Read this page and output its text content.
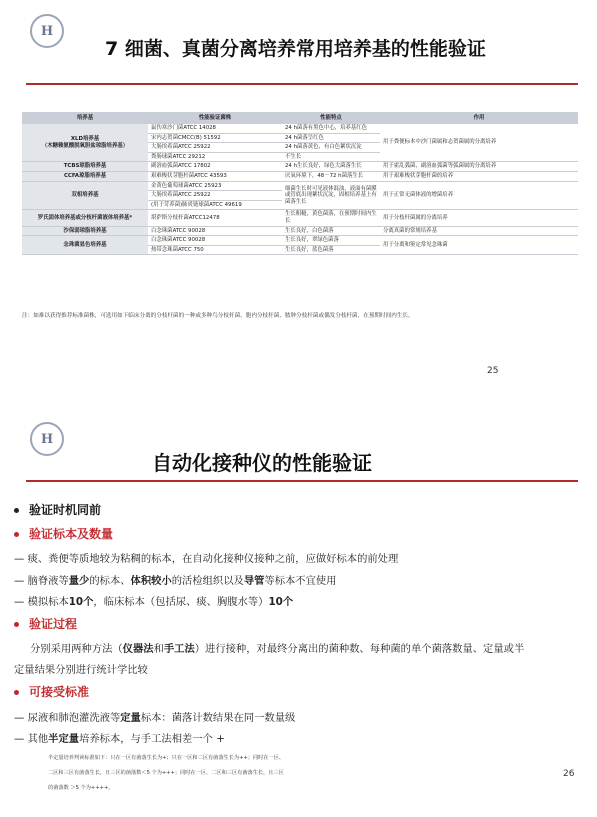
H
7 细菌、真菌分离培养常用培养基的性能验证
培养基	性能验证菌株	性能特点	作用
XLD培养基
（木糖赖氨酸脱氧胆盐琼脂培养基）	鼠伤寒沙门菌ATCC 14028	24 h菌落有黑色中心，培养基红色	用于粪便标本中沙门菌属和志贺菌属的分离培养
	宋内志贺菌CMCC(B) 51592	24 h菌落呈红色	
	大肠埃希菌ATCC 25922	24 h菌落黄色，有白色絮状沉淀	
	粪肠球菌ATCC 29212	不生长	
TCBS琼脂培养基	副溶血弧菌ATCC 17802	24 h生长良好，绿色大菌落生长	用于霍乱弧菌、副溶血弧菌等弧菌属的分离培养
CCFA琼脂培养基	艰难梭状芽胞杆菌ATCC 43593	厌氧环境下，48－72 h菌落生长	用于艰难梭状芽胞杆菌的培养
双相培养基	金黄色葡萄球菌ATCC 25923	细菌生长时可见液体混浊，液面有菌膜或管底出现絮状沉淀，固相培养基上有菌落生长	用于正常无菌体液的增菌培养
	大肠埃希菌ATCC 25922		
	(用于苛养菌)肺炎链球菌ATCC 49619		
罗氏固体培养基或分枝杆菌液体培养基*	堪萨斯分枝杆菌ATCC12478	生长粗糙，黄色菌落，在预期时间内生长	用于分枝杆菌属的分离培养
沙保弱琼脂培养基	白念珠菌ATCC 90028	生长良好，白色菌落	分离真菌的常规培养基
念珠菌显色培养基	白念珠菌ATCC 90028	生长良好，翠绿色菌落	用于分离和鉴定常见念珠菌
	热带念珠菌ATCC 750	生长良好，蓝色菌落	
注：如难以获得推荐标准菌株，可选用如下临床分离的分枝杆菌的一种或多种鸟分枝杆菌、胞内分枝杆菌、脓肿分枝杆菌或偶发分枝杆菌，在预期时间内生长。
25
H
自动化接种仪的性能验证
验证时机同前
验证标本及数量
— 痰、粪便等质地较为粘稠的标本，在自动化接种仪接种之前，应做好标本的前处理
— 脑脊液等量少的标本、体积较小的活检组织以及导管等标本不宜使用
— 模拟标本10个，临床标本（包括尿、痰、胸腹水等）10个
验证过程
分别采用两种方法（仪器法和手工法）进行接种，对最终分离出的菌种数、每种菌的单个菌落数量、定量或半
定量结果分别进行统计学比较
可接受标准
— 尿液和肺泡灌洗液等定量标本：菌落计数结果在同一数量级
— 其他半定量培养标本，与手工法相差一个 +
半定量培养判读标准如下：只在一区有菌落生长为+；只在一区和二区有菌落生长为++；同时在一区、
二区和三区有菌落生长，且三区的菌落数＜5 个为+++；同时在一区、二区和三区有菌落生长，且三区
的菌落数 ＞5 个为++++。
26
